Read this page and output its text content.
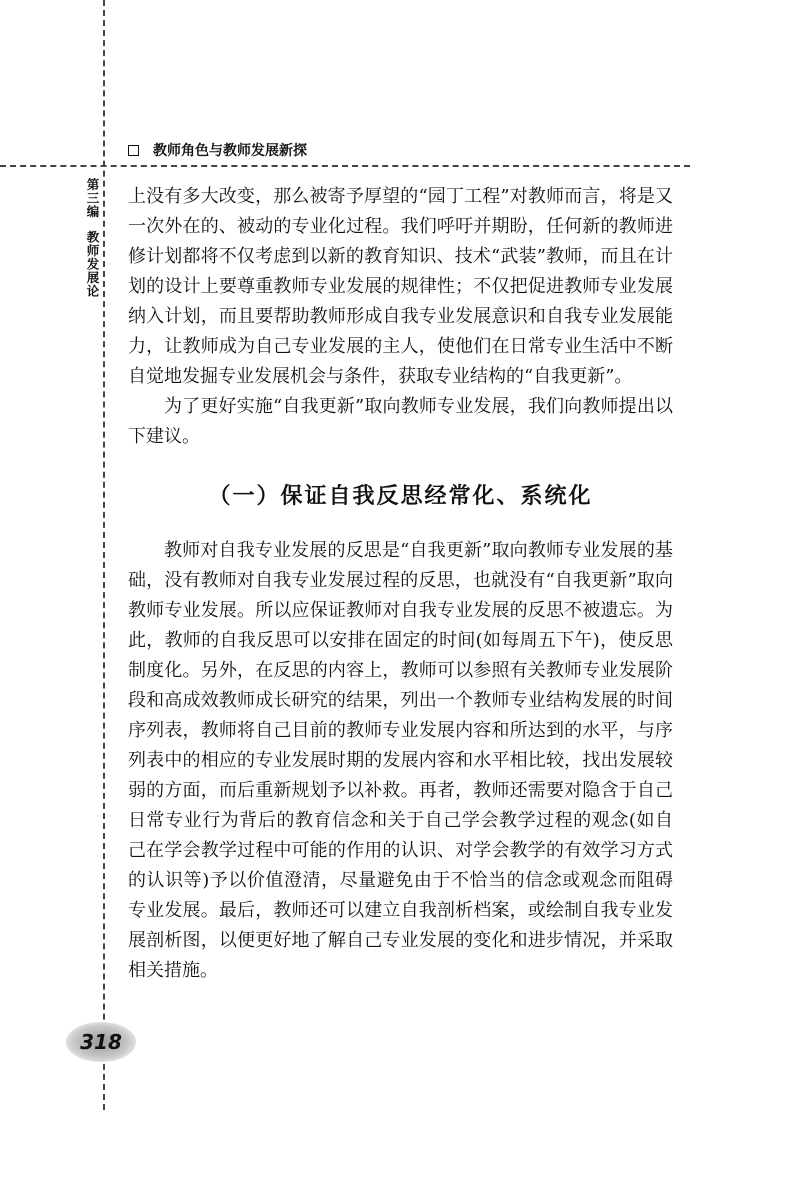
教师角色与教师发展新探
第三编教师发展论

上没有多大改变，那么被寄予厚望的“园丁工程”对教师而言，将是又一次外在的、被动的专业化过程。我们呼吁并期盼，任何新的教师进修计划都将不仅考虑到以新的教育知识、技术“武装”教师，而且在计划的设计上要尊重教师专业发展的规律性；不仅把促进教师专业发展纳入计划，而且要帮助教师形成自我专业发展意识和自我专业发展能力，让教师成为自己专业发展的主人，使他们在日常专业生活中不断自觉地发掘专业发展机会与条件，获取专业结构的“自我更新”。

为了更好实施“自我更新”取向教师专业发展，我们向教师提出以下建议。

（一）保证自我反思经常化、系统化

教师对自我专业发展的反思是“自我更新”取向教师专业发展的基础，没有教师对自我专业发展过程的反思，也就没有“自我更新”取向教师专业发展。所以应保证教师对自我专业发展的反思不被遗忘。为此，教师的自我反思可以安排在固定的时间(如每周五下午)，使反思制度化。另外，在反思的内容上，教师可以参照有关教师专业发展阶段和高成效教师成长研究的结果，列出一个教师专业结构发展的时间序列表，教师将自己目前的教师专业发展内容和所达到的水平，与序列表中的相应的专业发展时期的发展内容和水平相比较，找出发展较弱的方面，而后重新规划予以补救。再者，教师还需要对隐含于自己日常专业行为背后的教育信念和关于自己学会教学过程的观念(如自己在学会教学过程中可能的作用的认识、对学会教学的有效学习方式的认识等)予以价值澄清，尽量避免由于不恰当的信念或观念而阻碍专业发展。最后，教师还可以建立自我剖析档案，或绘制自我专业发展剖析图，以便更好地了解自己专业发展的变化和进步情况，并采取相关措施。

318
